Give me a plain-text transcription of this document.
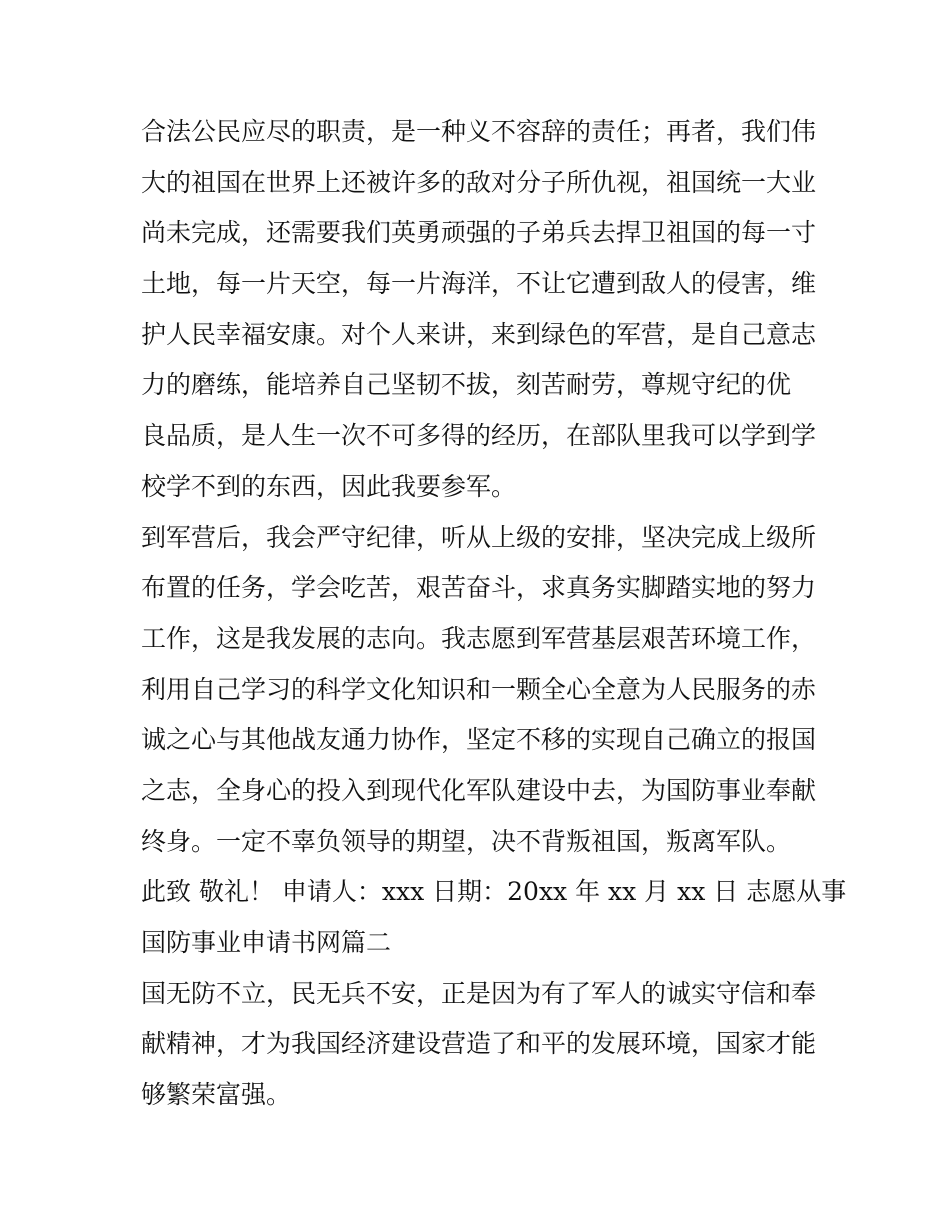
合法公民应尽的职责，是一种义不容辞的责任；再者，我们伟
大的祖国在世界上还被许多的敌对分子所仇视，祖国统一大业
尚未完成，还需要我们英勇顽强的子弟兵去捍卫祖国的每一寸
土地，每一片天空，每一片海洋，不让它遭到敌人的侵害，维
护人民幸福安康。对个人来讲，来到绿色的军营，是自己意志
力的磨练，能培养自己坚韧不拔，刻苦耐劳，尊规守纪的优
良品质，是人生一次不可多得的经历，在部队里我可以学到学
校学不到的东西，因此我要参军。
到军营后，我会严守纪律，听从上级的安排，坚决完成上级所
布置的任务，学会吃苦，艰苦奋斗，求真务实脚踏实地的努力
工作，这是我发展的志向。我志愿到军营基层艰苦环境工作，
利用自己学习的科学文化知识和一颗全心全意为人民服务的赤
诚之心与其他战友通力协作，坚定不移的实现自己确立的报国
之志，全身心的投入到现代化军队建设中去，为国防事业奉献
终身。一定不辜负领导的期望，决不背叛祖国，叛离军队。
此致 敬礼！ 申请人：xxx 日期：20xx 年 xx 月 xx 日 志愿从事
国防事业申请书网篇二
国无防不立，民无兵不安，正是因为有了军人的诚实守信和奉
献精神，才为我国经济建设营造了和平的发展环境，国家才能
够繁荣富强。
